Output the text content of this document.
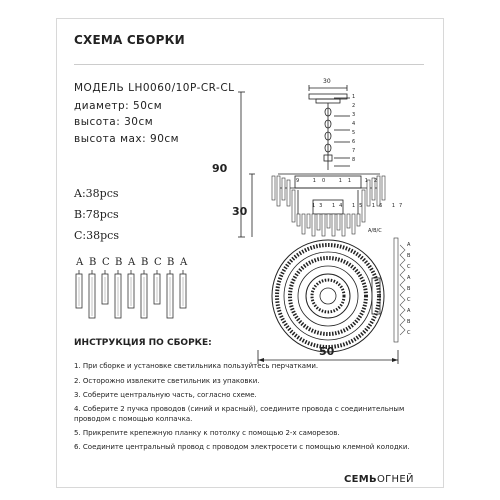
СХЕМА СБОРКИ
МОДЕЛЬ LH0060/10P-CR-CL
диаметр: 50см
высота: 30см
высота мах: 90см
A:38pcs
B:78pcs
C:38pcs
A B C B A B C B A
90
30
50
30
A/B/C
1
2
3
4
5
6
7
8
9 10 11 12
13 14 15 16 17
A
B
C
A
B
C
A
B
C
ИНСТРУКЦИЯ ПО СБОРКЕ:
1. При сборке и установке светильника пользуйтесь перчатками.
2. Осторожно извлеките светильник из упаковки.
3. Соберите центральную часть, согласно схеме.
4. Соберите 2 пучка проводов (синий и красный), соедините провода с соединительным
проводом с помощью колпачка.
5. Прикрепите крепежную планку к потолку с помощью 2-х саморезов.
6. Соедините центральный провод с проводом электросети с помощью клемной колодки.
СЕМЬОГНЕЙ
